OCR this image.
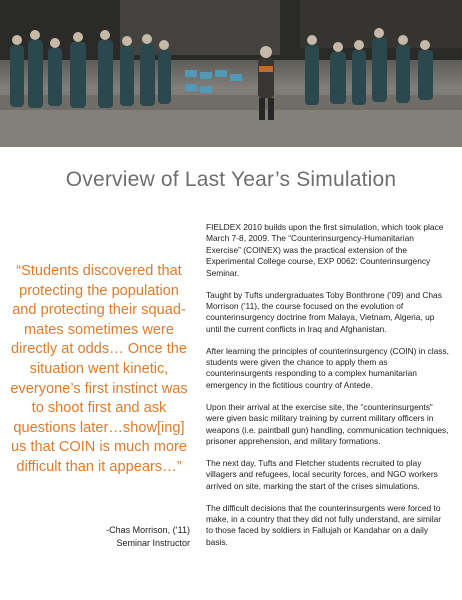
Overview of Last Year’s Simulation
“Students discovered that protecting the population and protecting their squad-mates sometimes were directly at odds… Once the situation went kinetic, everyone’s first instinct was to shoot first and ask questions later…show[ing] us that COIN is much more difficult than it appears…”
-Chas Morrison, (’11)
Seminar Instructor

FIELDEX 2010 builds upon the first simulation, which took place March 7-8, 2009. The “Counterinsurgency-Humanitarian Exercise” (COINEX) was the practical extension of the Experimental College course, EXP 0062: Counterinsurgency Seminar.

Taught by Tufts undergraduates Toby Bonthrone (’09) and Chas Morrison (’11), the course focused on the evolution of counterinsurgency doctrine from Malaya, Vietnam, Algeria, up until the current conflicts in Iraq and Afghanistan.

After learning the principles of counterinsurgency (COIN) in class, students were given the chance to apply them as counterinsurgents responding to a complex humanitarian emergency in the fictitious country of Antede.

Upon their arrival at the exercise site, the “counterinsurgents” were given basic military training by current military officers in weapons (i.e. paintball gun) handling, communication techniques, prisoner apprehension, and military formations.

The next day, Tufts and Fletcher students recruited to play villagers and refugees, local security forces, and NGO workers arrived on site, marking the start of the crises simulations.

The difficult decisions that the counterinsurgents were forced to make, in a country that they did not fully understand, are similar to those faced by soldiers in Fallujah or Kandahar on a daily basis.
